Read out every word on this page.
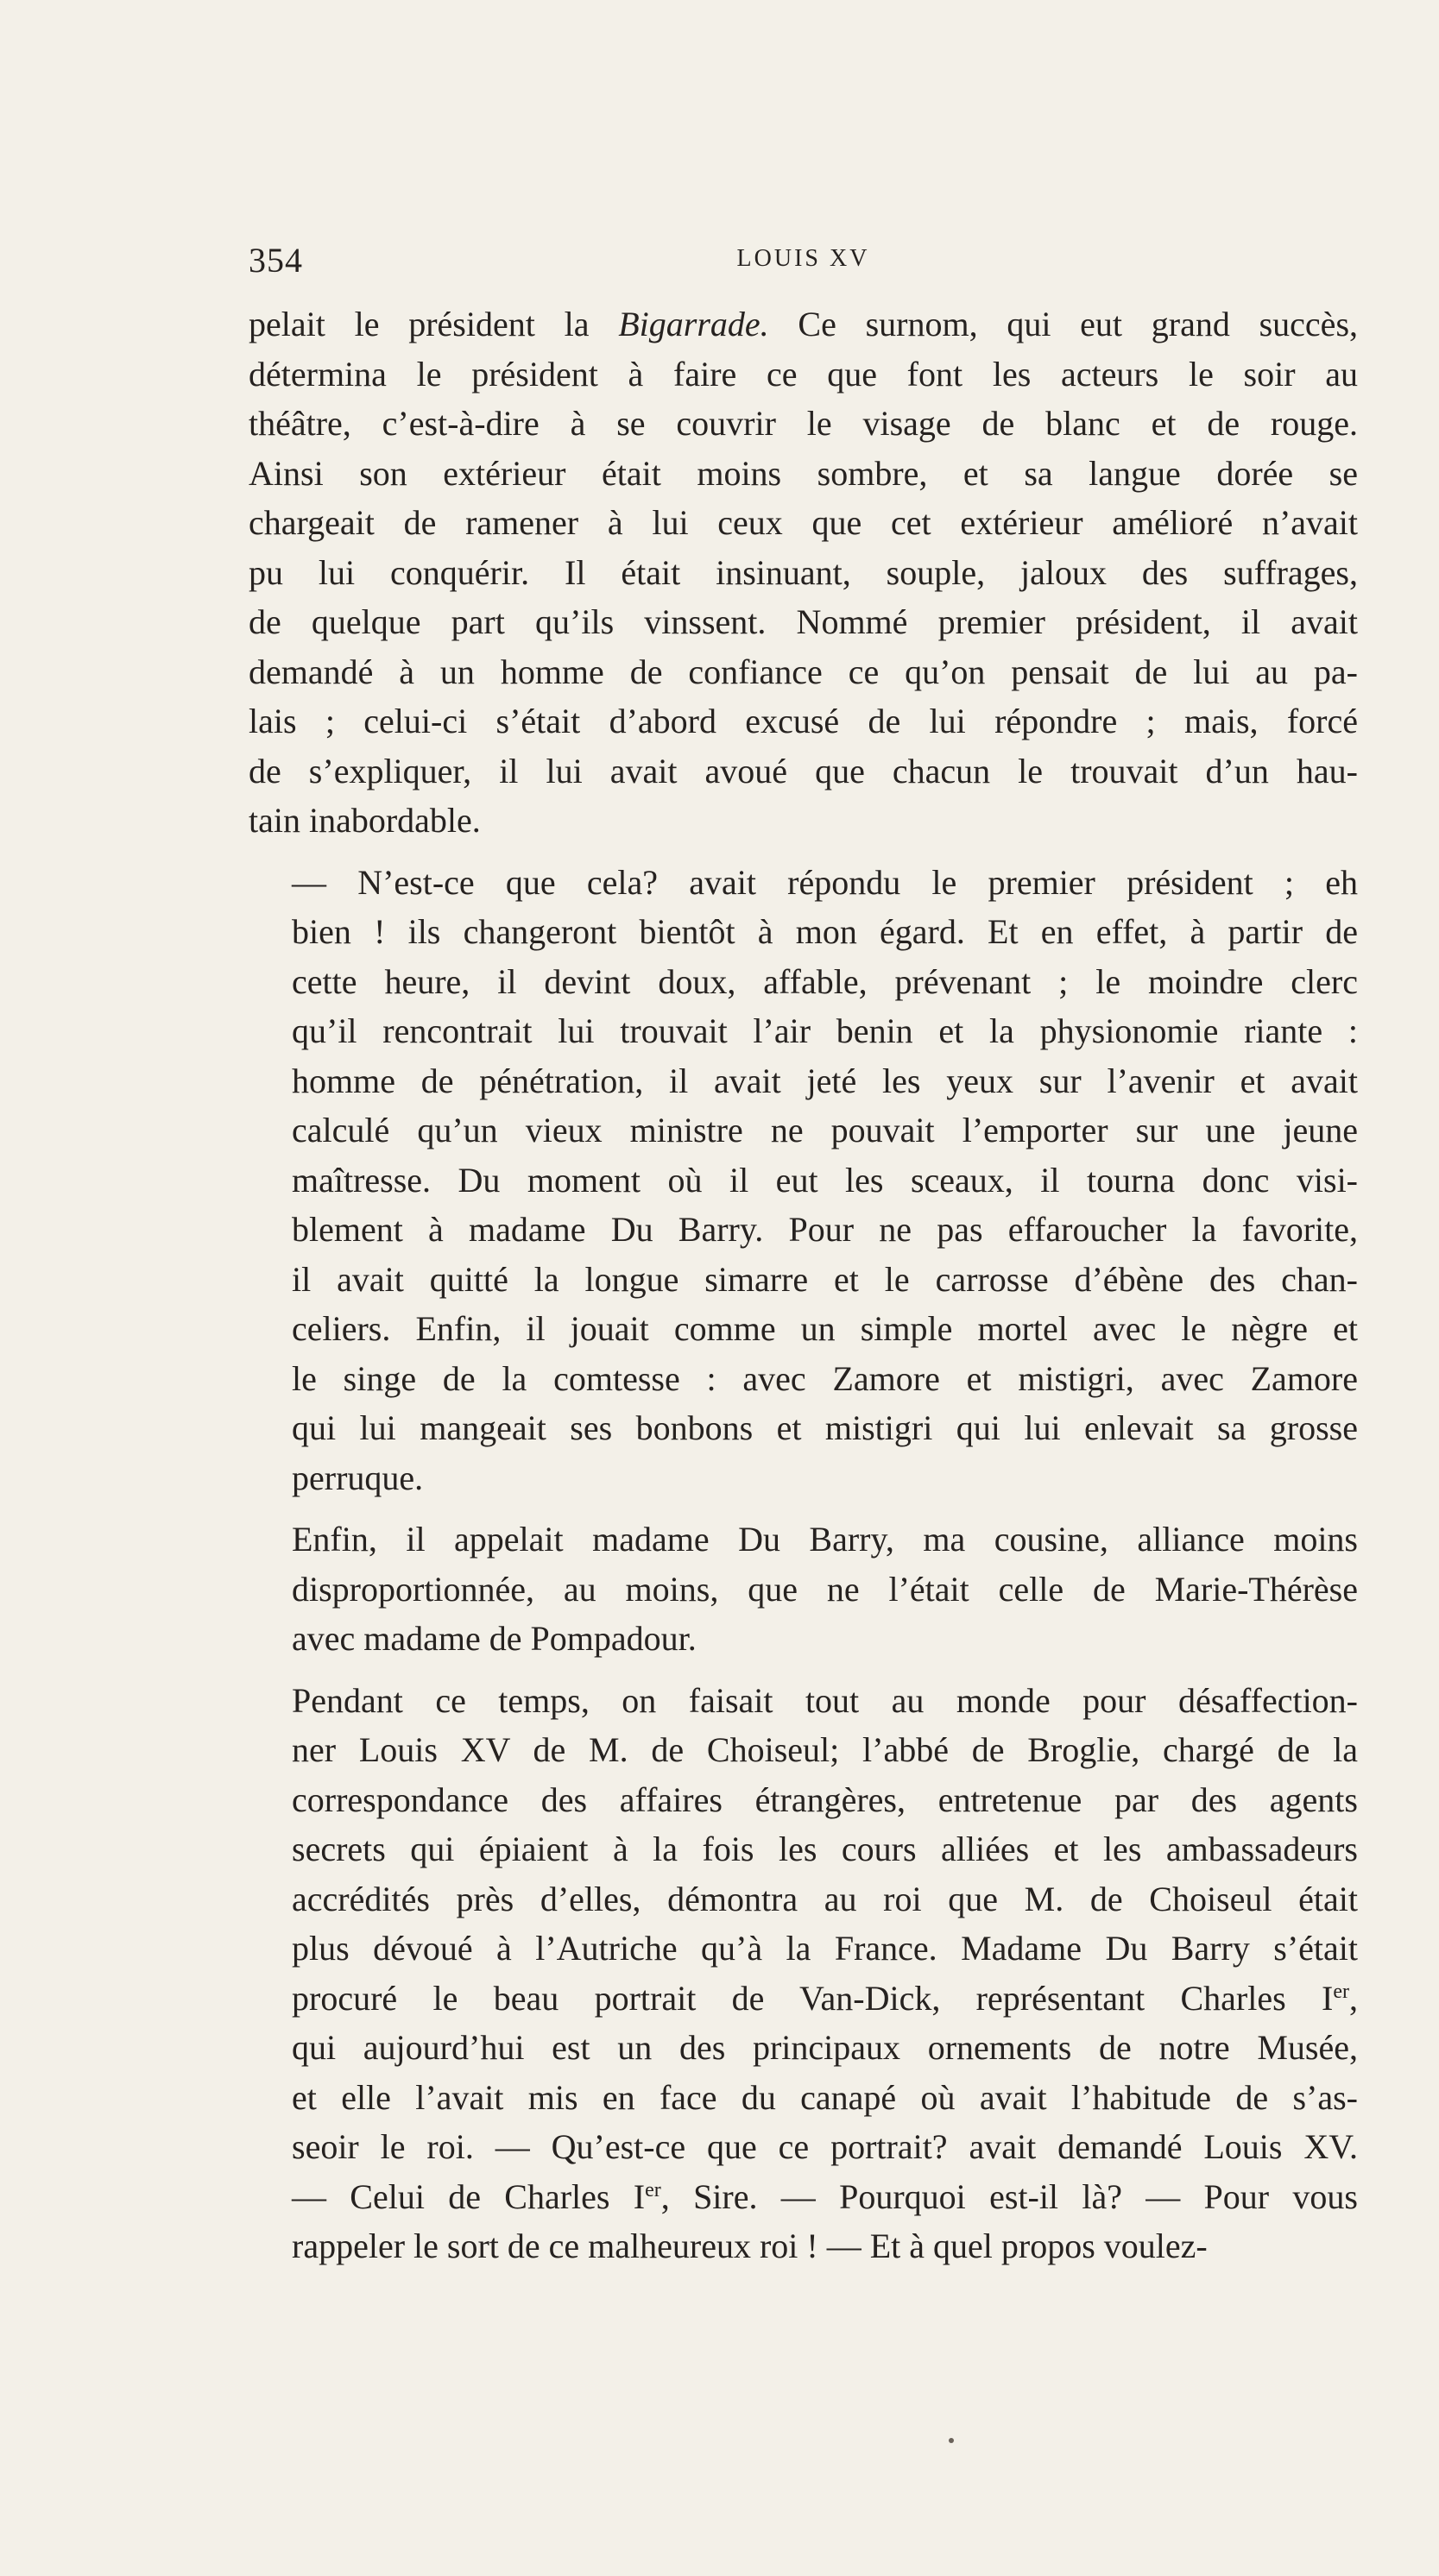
354	LOUIS XV

pelait le président la Bigarrade. Ce surnom, qui eut grand succès,
détermina le président à faire ce que font les acteurs le soir au
théâtre, c’est-à-dire à se couvrir le visage de blanc et de rouge.
Ainsi son extérieur était moins sombre, et sa langue dorée se
chargeait de ramener à lui ceux que cet extérieur amélioré n’avait
pu lui conquérir. Il était insinuant, souple, jaloux des suffrages,
de quelque part qu’ils vinssent. Nommé premier président, il avait
demandé à un homme de confiance ce qu’on pensait de lui au pa-
lais ; celui-ci s’était d’abord excusé de lui répondre ; mais, forcé
de s’expliquer, il lui avait avoué que chacun le trouvait d’un hau-
tain inabordable.

— N’est-ce que cela? avait répondu le premier président ; eh
bien ! ils changeront bientôt à mon égard. Et en effet, à partir de
cette heure, il devint doux, affable, prévenant ; le moindre clerc
qu’il rencontrait lui trouvait l’air benin et la physionomie riante :
homme de pénétration, il avait jeté les yeux sur l’avenir et avait
calculé qu’un vieux ministre ne pouvait l’emporter sur une jeune
maîtresse. Du moment où il eut les sceaux, il tourna donc visi-
blement à madame Du Barry. Pour ne pas effaroucher la favorite,
il avait quitté la longue simarre et le carrosse d’ébène des chan-
celiers. Enfin, il jouait comme un simple mortel avec le nègre et
le singe de la comtesse : avec Zamore et mistigri, avec Zamore
qui lui mangeait ses bonbons et mistigri qui lui enlevait sa grosse
perruque.

Enfin, il appelait madame Du Barry, ma cousine, alliance moins
disproportionnée, au moins, que ne l’était celle de Marie-Thérèse
avec madame de Pompadour.

Pendant ce temps, on faisait tout au monde pour désaffection-
ner Louis XV de M. de Choiseul; l’abbé de Broglie, chargé de la
correspondance des affaires étrangères, entretenue par des agents
secrets qui épiaient à la fois les cours alliées et les ambassadeurs
accrédités près d’elles, démontra au roi que M. de Choiseul était
plus dévoué à l’Autriche qu’à la France. Madame Du Barry s’était
procuré le beau portrait de Van-Dick, représentant Charles Ier,
qui aujourd’hui est un des principaux ornements de notre Musée,
et elle l’avait mis en face du canapé où avait l’habitude de s’as-
seoir le roi. — Qu’est-ce que ce portrait? avait demandé Louis XV.
— Celui de Charles Ier, Sire. — Pourquoi est-il là? — Pour vous
rappeler le sort de ce malheureux roi ! — Et à quel propos voulez-
